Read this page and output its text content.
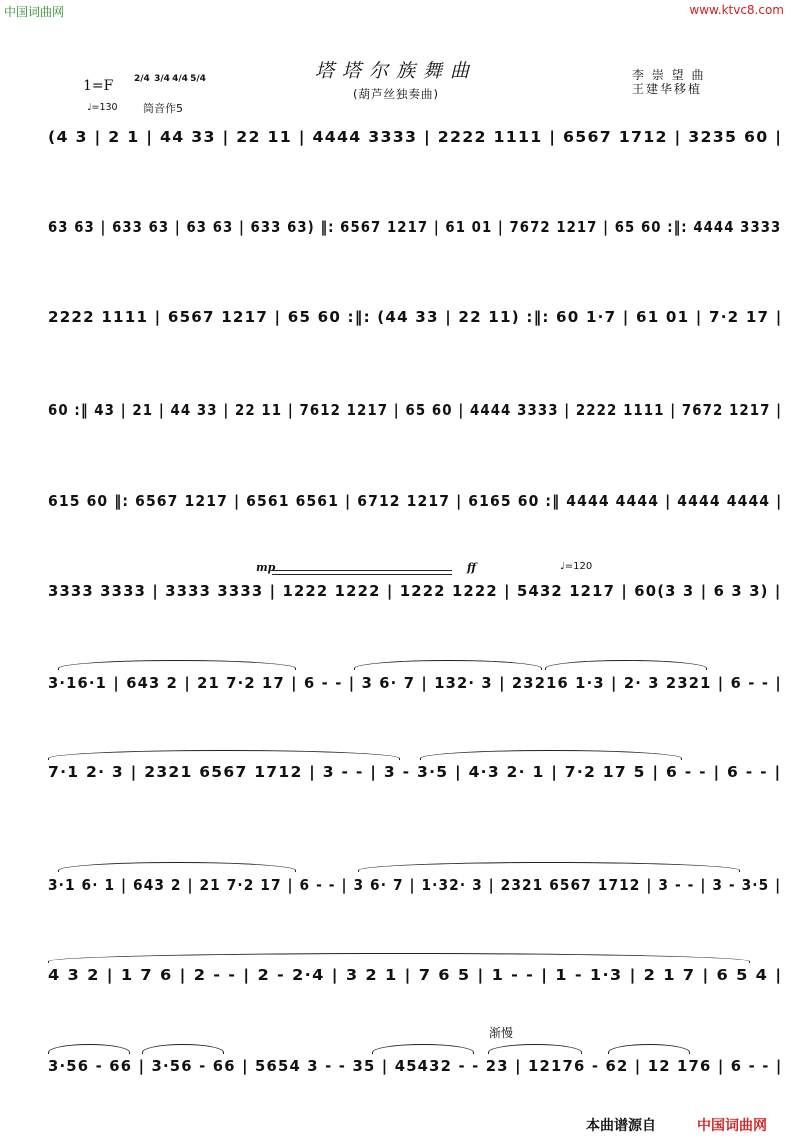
中国词曲网	www.ktvc8.com
塔塔尔族舞曲
(葫芦丝独奏曲)
李 崇 望 曲
王建华移植
1=F 2/4 3/4 4/4 5/4
♩=130 筒音作5
mp	ff	♩=120
渐慢
(4 3 | 2 1 | 44 33 | 22 11 | 4444 3333 | 2222 1111 | 6567 1712 | 3235 60 |
63 63 | 633 63 | 63 63 | 633 63) ‖: 6567 1217 | 61 01 | 7672 1217 | 65 60 :‖: 4444 3333
2222 1111 | 6567 1217 | 65 60 :‖: (44 33 | 22 11) :‖: 60 1·7 | 61 01 | 7·2 17 |
60 :‖ 43 | 21 | 44 33 | 22 11 | 7612 1217 | 65 60 | 4444 3333 | 2222 1111 | 7672 1217 |
615 60 ‖: 6567 1217 | 6561 6561 | 6712 1217 | 6165 60 :‖ 4444 4444 | 4444 4444 |
3333 3333 | 3333 3333 | 1222 1222 | 1222 1222 | 5432 1217 | 60(3 3 | 6 3 3) |
3·16·1 | 643 2 | 21 7·2 17 | 6 - - | 3 6· 7 | 132· 3 | 23216 1·3 | 2· 3 2321 | 6 - - |
7·1 2· 3 | 2321 6567 1712 | 3 - - | 3 - 3·5 | 4·3 2· 1 | 7·2 17 5 | 6 - - | 6 - - |
3·1 6· 1 | 643 2 | 21 7·2 17 | 6 - - | 3 6· 7 | 1·32· 3 | 2321 6567 1712 | 3 - - | 3 - 3·5 |
4 3 2 | 1 7 6 | 2 - - | 2 - 2·4 | 3 2 1 | 7 6 5 | 1 - - | 1 - 1·3 | 2 1 7 | 6 5 4 |
3·56 - 66 | 3·56 - 66 | 5654 3 - - 35 | 45432 - - 23 | 12176 - 62 | 12 176 | 6 - - |
本曲谱源自	中国词曲网
